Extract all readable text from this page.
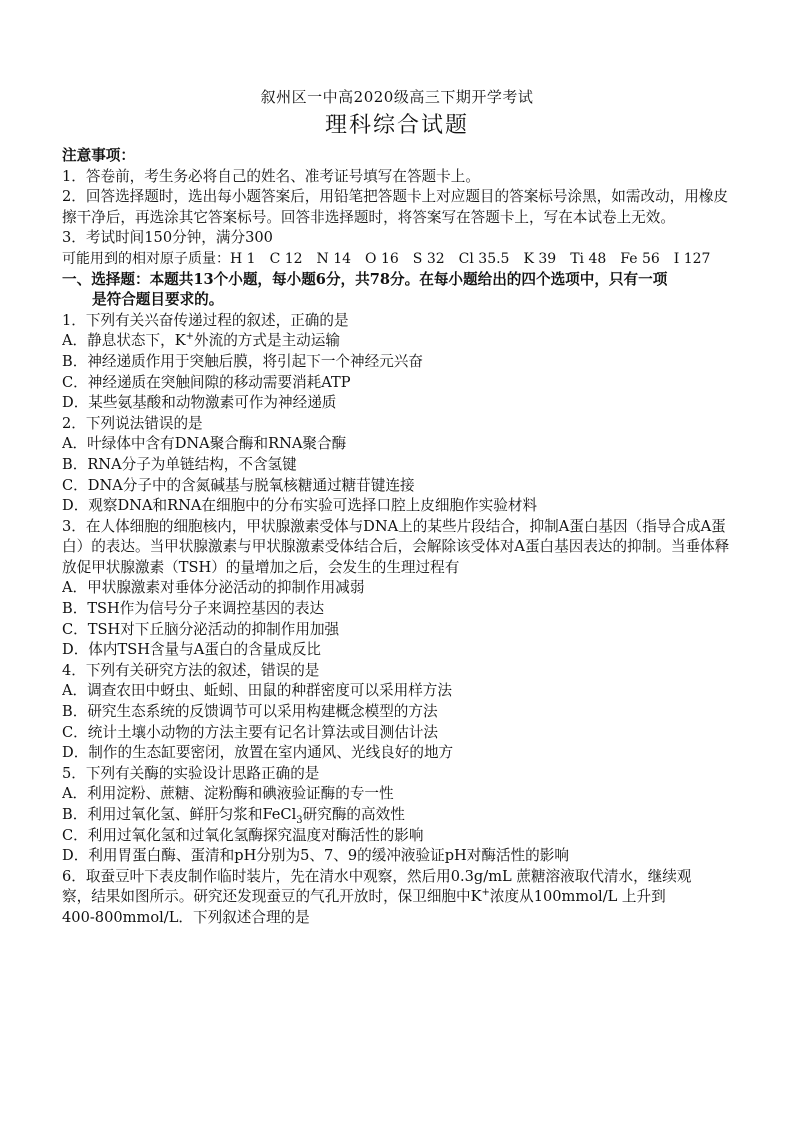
叙州区一中高2020级高三下期开学考试
理科综合试题
注意事项：
1．答卷前，考生务必将自己的姓名、准考证号填写在答题卡上。
2．回答选择题时，选出每小题答案后，用铅笔把答题卡上对应题目的答案标号涂黑，如需改动，用橡皮擦干净后，再选涂其它答案标号。回答非选择题时，将答案写在答题卡上，写在本试卷上无效。
3．考试时间150分钟，满分300
可能用到的相对原子质量：H 1　C 12　N 14　O 16　S 32　Cl 35.5　K 39　Ti 48　Fe 56　I 127
一、选择题：本题共13个小题，每小题6分，共78分。在每小题给出的四个选项中，只有一项
是符合题目要求的。
1．下列有关兴奋传递过程的叙述，正确的是
A．静息状态下，K+外流的方式是主动运输
B．神经递质作用于突触后膜，将引起下一个神经元兴奋
C．神经递质在突触间隙的移动需要消耗ATP
D．某些氨基酸和动物激素可作为神经递质
2．下列说法错误的是
A．叶绿体中含有DNA聚合酶和RNA聚合酶
B．RNA分子为单链结构，不含氢键
C．DNA分子中的含氮碱基与脱氧核糖通过糖苷键连接
D．观察DNA和RNA在细胞中的分布实验可选择口腔上皮细胞作实验材料
3．在人体细胞的细胞核内，甲状腺激素受体与DNA上的某些片段结合，抑制A蛋白基因（指导合成A蛋白）的表达。当甲状腺激素与甲状腺激素受体结合后，会解除该受体对A蛋白基因表达的抑制。当垂体释放促甲状腺激素（TSH）的量增加之后，会发生的生理过程有
A．甲状腺激素对垂体分泌活动的抑制作用减弱
B．TSH作为信号分子来调控基因的表达
C．TSH对下丘脑分泌活动的抑制作用加强
D．体内TSH含量与A蛋白的含量成反比
4．下列有关研究方法的叙述，错误的是
A．调查农田中蚜虫、蚯蚓、田鼠的种群密度可以采用样方法
B．研究生态系统的反馈调节可以采用构建概念模型的方法
C．统计土壤小动物的方法主要有记名计算法或目测估计法
D．制作的生态缸要密闭，放置在室内通风、光线良好的地方
5．下列有关酶的实验设计思路正确的是
A．利用淀粉、蔗糖、淀粉酶和碘液验证酶的专一性
B．利用过氧化氢、鲜肝匀浆和FeCl$_3$研究酶的高效性
C．利用过氧化氢和过氧化氢酶探究温度对酶活性的影响
D．利用胃蛋白酶、蛋清和pH分别为5、7、9的缓冲液验证pH对酶活性的影响
6．取蚕豆叶下表皮制作临时装片，先在清水中观察，然后用0.3g/mL 蔗糖溶液取代清水，继续观
察，结果如图所示。研究还发现蚕豆的气孔开放时，保卫细胞中K+浓度从100mmol/L 上升到
400-800mmol/L．下列叙述合理的是
